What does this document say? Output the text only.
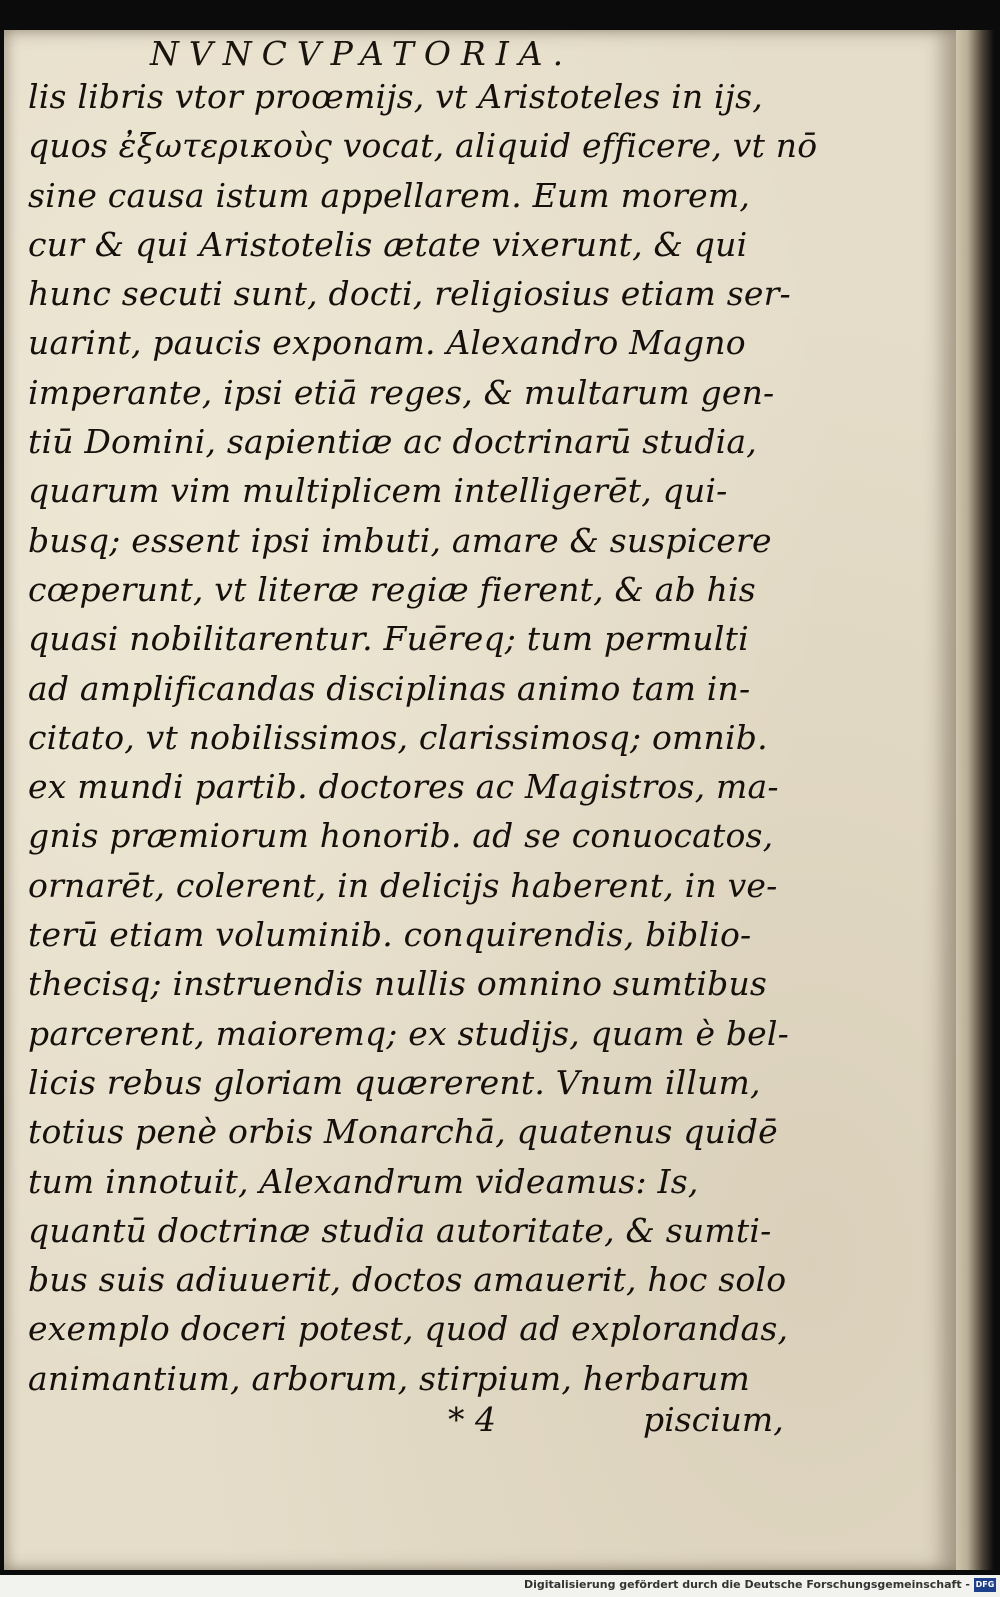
NVNCVPATORIA.
lis libris vtor proœmijs, vt Aristoteles in ijs,
quos ἐξωτερικοὺς vocat, aliquid efficere, vt nō
sine causa istum appellarem. Eum morem,
cur & qui Aristotelis ætate vixerunt, & qui
hunc secuti sunt, docti, religiosius etiam ser-
uarint, paucis exponam. Alexandro Magno
imperante, ipsi etiā reges, & multarum gen-
tiū Domini, sapientiæ ac doctrinarū studia,
quarum vim multiplicem intelligerēt, qui-
busq; essent ipsi imbuti, amare & suspicere
cœperunt, vt literæ regiæ fierent, & ab his
quasi nobilitarentur. Fuēreq; tum permulti
ad amplificandas disciplinas animo tam in-
citato, vt nobilissimos, clarissimosq; omnib.
ex mundi partib. doctores ac Magistros, ma-
gnis præmiorum honorib. ad se conuocatos,
ornarēt, colerent, in delicijs haberent, in ve-
terū etiam voluminib. conquirendis, biblio-
thecisq; instruendis nullis omnino sumtibus
parcerent, maioremq; ex studijs, quam è bel-
licis rebus gloriam quærerent. Vnum illum,
totius penè orbis Monarchā, quatenus quidē
tum innotuit, Alexandrum videamus: Is,
quantū doctrinæ studia autoritate, & sumti-
bus suis adiuuerit, doctos amauerit, hoc solo
exemplo doceri potest, quod ad explorandas,
animantium, arborum, stirpium, herbarum
* 4	piscium,
Digitalisierung gefördert durch die Deutsche Forschungsgemeinschaft - DFG
